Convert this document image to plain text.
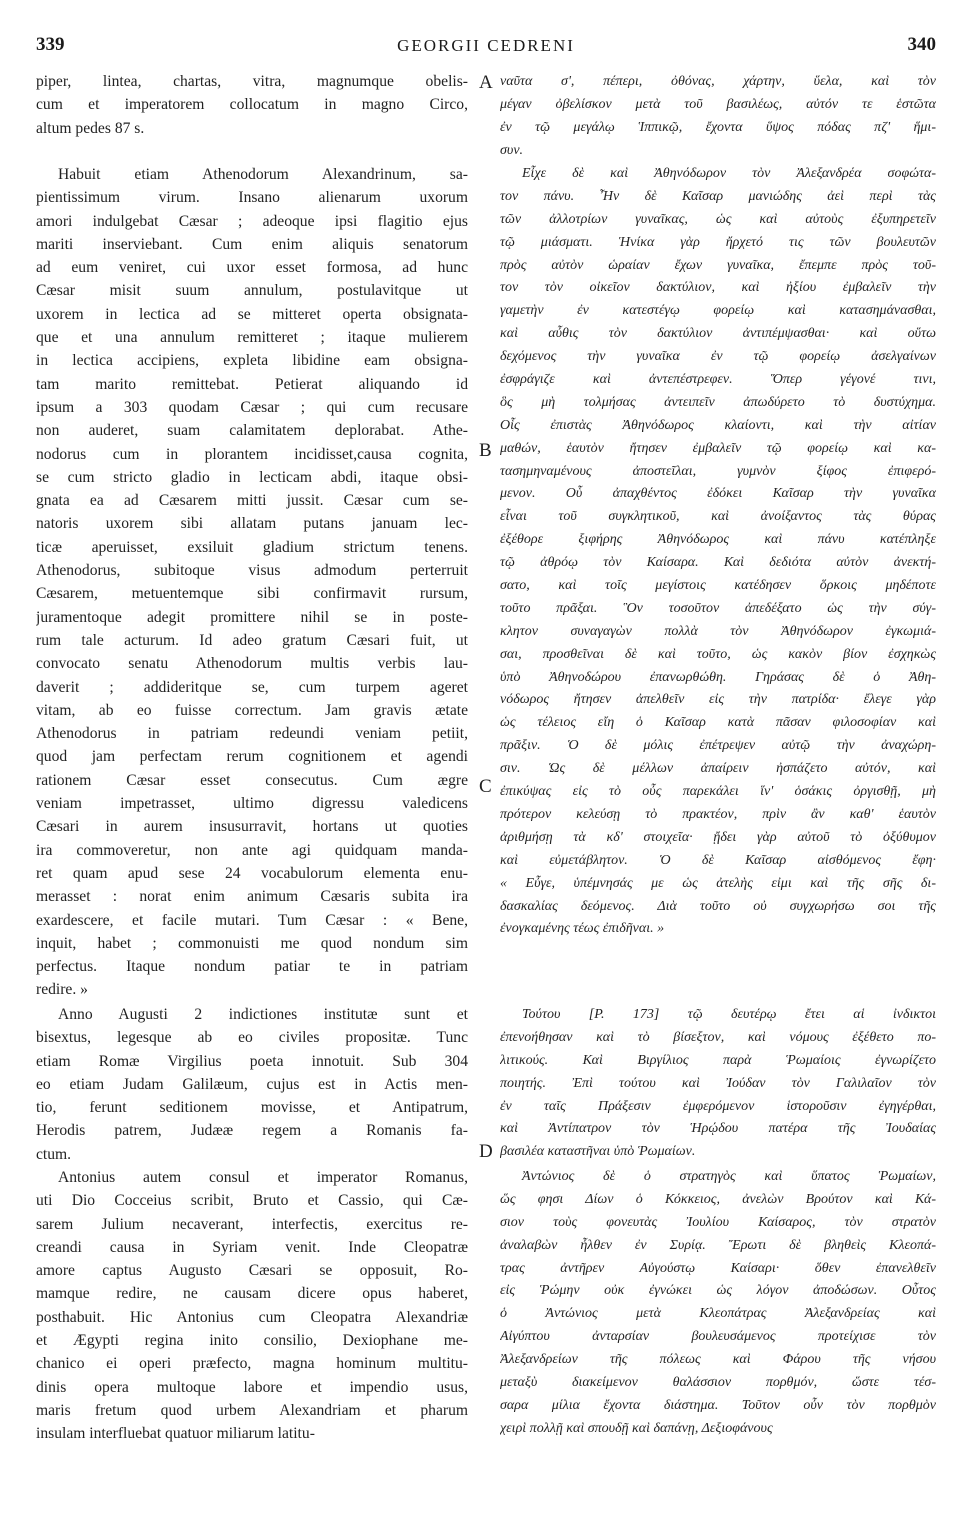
339	GEORGII CEDRENI	340
piper, lintea, chartas, vitra, magnumque obelis-
cum et imperatorem collocatum in magno Circo,
altum pedes 87 s.
Habuit etiam Athenodorum Alexandrinum, sa-
pientissimum virum. Insano alienarum uxorum
amori indulgebat Cæsar ; adeoque ipsi flagitio ejus
mariti inserviebant. Cum enim aliquis senatorum
ad eum veniret, cui uxor esset formosa, ad hunc
Cæsar misit suum annulum, postulavitque ut
uxorem in lectica ad se mitteret operta obsignata-
que et una annulum remitteret ; itaque mulierem
in lectica accipiens, expleta libidine eam obsigna-
tam marito remittebat. Petierat aliquando id
ipsum a 303 quodam Cæsar ; qui cum recusare
non auderet, suam calamitatem deplorabat. Athe-
nodorus cum in plorantem incidisset,causa cognita,
se cum stricto gladio in lecticam abdi, itaque obsi-
gnata ea ad Cæsarem mitti jussit. Cæsar cum se-
natoris uxorem sibi allatam putans januam lec-
ticæ aperuisset, exsiluit gladium strictum tenens.
Athenodorus, subitoque visus admodum perterruit
Cæsarem, metuentemque sibi confirmavit rursum,
juramentoque adegit promittere nihil se in poste-
rum tale acturum. Id adeo gratum Cæsari fuit, ut
convocato senatu Athenodorum multis verbis lau-
daverit ; addideritque se, cum turpem ageret
vitam, ab eo fuisse correctum. Jam gravis ætate
Athenodorus in patriam redeundi veniam petiit,
quod jam perfectam rerum cognitionem et agendi
rationem Cæsar esset consecutus. Cum ægre
veniam impetrasset, ultimo digressu valedicens
Cæsari in aurem insusurravit, hortans ut quoties
ira commoveretur, non ante agi quidquam manda-
ret quam apud sese 24 vocabulorum elementa enu-
merasset : norat enim animum Cæsaris subita ira
exardescere, et facile mutari. Tum Cæsar : « Bene,
inquit, habet ; commonuisti me quod nondum sim
perfectus. Itaque nondum patiar te in patriam
redire. »
Anno Augusti 2 indictiones institutæ sunt et
bisextus, legesque ab eo civiles propositæ. Tunc
etiam Romæ Virgilius poeta innotuit. Sub 304
eo etiam Judam Galilæum, cujus est in Actis men-
tio, ferunt seditionem movisse, et Antipatrum,
Herodis patrem, Judææ regem a Romanis fa-
ctum.
Antonius autem consul et imperator Romanus,
uti Dio Cocceius scribit, Bruto et Cassio, qui Cæ-
sarem Julium necaverant, interfectis, exercitus re-
creandi causa in Syriam venit. Inde Cleopatræ
amore captus Augusto Cæsari se opposuit, Ro-
mamque redire, ne causam dicere opus haberet,
posthabuit. Hic Antonius cum Cleopatra Alexandriæ
et Ægypti regina inito consilio, Dexiophane me-
chanico ei operi præfecto, magna hominum multitu-
dinis opera multoque labore et impendio usus,
maris fretum quod urbem Alexandriam et pharum
insulam interfluebat quatuor miliarum latitu-
A
B
C
D
ναῦτα σ', πέπερι, ὀθόνας, χάρτην, ὕελα, καὶ τὸν
μέγαν ὀβελίσκον μετὰ τοῦ βασιλέως, αὐτόν τε ἑστῶτα
ἐν τῷ μεγάλῳ Ἱππικῷ, ἔχοντα ὕψος πόδας πζ' ἥμι-
συν.
Εἶχε δὲ καὶ Ἀθηνόδωρον τὸν Ἀλεξανδρέα σοφώτα-
τον πάνυ. Ἦν δὲ Καῖσαρ μανιώδης ἀεὶ περὶ τὰς
τῶν ἀλλοτρίων γυναῖκας, ὡς καὶ αὐτοὺς ἐξυπηρετεῖν
τῷ μιάσματι. Ἡνίκα γὰρ ἤρχετό τις τῶν βουλευτῶν
πρὸς αὐτὸν ὡραίαν ἔχων γυναῖκα, ἔπεμπε πρὸς τοῦ-
τον τὸν οἰκεῖον δακτύλιον, καὶ ἠξίου ἐμβαλεῖν τὴν
γαμετὴν ἐν κατεστέγῳ φορείῳ καὶ κατασημάνασθαι,
καὶ αὖθις τὸν δακτύλιον ἀντιπέμψασθαι· καὶ οὕτω
δεχόμενος τὴν γυναῖκα ἐν τῷ φορείῳ ἀσελγαίνων
ἐσφράγιζε καὶ ἀντεπέστρεφεν. Ὅπερ γέγονέ τινι,
ὃς μὴ τολμήσας ἀντειπεῖν ἀπωδύρετο τὸ δυστύχημα.
Οἷς ἐπιστὰς Ἀθηνόδωρος κλαίοντι, καὶ τὴν αἰτίαν
μαθών, ἑαυτὸν ἤτησεν ἐμβαλεῖν τῷ φορείῳ καὶ κα-
τασημηναμένους ἀποστεῖλαι, γυμνὸν ξίφος ἐπιφερό-
μενον. Οὗ ἀπαχθέντος ἐδόκει Καῖσαρ τὴν γυναῖκα
εἶναι τοῦ συγκλητικοῦ, καὶ ἀνοίξαντος τὰς θύρας
ἐξέθορε ξιφήρης Ἀθηνόδωρος καὶ πάνυ κατέπληξε
τῷ ἀθρόῳ τὸν Καίσαρα. Καὶ δεδιότα αὐτὸν ἀνεκτή-
σατο, καὶ τοῖς μεγίστοις κατέδησεν ὅρκοις μηδέποτε
τοῦτο πρᾶξαι. Ὃν τοσοῦτον ἀπεδέξατο ὡς τὴν σύγ-
κλητον συναγαγὼν πολλὰ τὸν Ἀθηνόδωρον ἐγκωμιά-
σαι, προσθεῖναι δὲ καὶ τοῦτο, ὡς κακὸν βίον ἐσχηκὼς
ὑπὸ Ἀθηνοδώρου ἐπανωρθώθη. Γηράσας δὲ ὁ Ἀθη-
νόδωρος ἤτησεν ἀπελθεῖν εἰς τὴν πατρίδα· ἔλεγε γὰρ
ὡς τέλειος εἴη ὁ Καῖσαρ κατὰ πᾶσαν φιλοσοφίαν καὶ
πρᾶξιν. Ὁ δὲ μόλις ἐπέτρεψεν αὐτῷ τὴν ἀναχώρη-
σιν. Ὡς δὲ μέλλων ἀπαίρειν ἠσπάζετο αὐτόν, καὶ
ἐπικύψας εἰς τὸ οὖς παρεκάλει ἵν' ὁσάκις ὀργισθῇ, μὴ
πρότερον κελεύσῃ τὸ πρακτέον, πρὶν ἂν καθ' ἑαυτὸν
ἀριθμήσῃ τὰ κδ' στοιχεῖα· ᾔδει γὰρ αὐτοῦ τὸ ὀξύθυμον
καὶ εὐμετάβλητον. Ὁ δὲ Καῖσαρ αἰσθόμενος ἔφη·
« Εὖγε, ὑπέμνησάς με ὡς ἀτελὴς εἰμι καὶ τῆς σῆς δι-
δασκαλίας δεόμενος. Διὰ τοῦτο οὐ συγχωρήσω σοι τῆς
ἐνογκαμένης τέως ἐπιδῆναι. »
Τούτου [P. 173] τῷ δευτέρῳ ἔτει αἱ ἰνδικτοι
ἐπενοήθησαν καὶ τὸ βίσεξτον, καὶ νόμους ἐξέθετο πο-
λιτικούς. Καὶ Βιργίλιος παρὰ Ῥωμαίοις ἐγνωρίζετο
ποιητής. Ἐπὶ τούτου καὶ Ἰούδαν τὸν Γαλιλαῖον τὸν
ἐν ταῖς Πράξεσιν ἐμφερόμενον ἱστοροῦσιν ἐγηγέρθαι,
καὶ Ἀντίπατρον τὸν Ἡρῴδου πατέρα τῆς Ἰουδαίας
βασιλέα καταστῆναι ὑπὸ Ῥωμαίων.
Ἀντώνιος δὲ ὁ στρατηγὸς καὶ ὕπατος Ῥωμαίων,
ὥς φησι Δίων ὁ Κόκκειος, ἀνελὼν Βρούτον καὶ Κά-
σιον τοὺς φονευτὰς Ἰουλίου Καίσαρος, τὸν στρατὸν
ἀναλαβὼν ἦλθεν ἐν Συρίᾳ. Ἔρωτι δὲ βληθεὶς Κλεοπά-
τρας ἀντῆρεν Αὐγούστῳ Καίσαρι· ὅθεν ἐπανελθεῖν
εἰς Ῥώμην οὐκ ἐγνώκει ὡς λόγον ἀποδώσων. Οὗτος
ὁ Ἀντώνιος μετὰ Κλεοπάτρας Ἀλεξανδρείας καὶ
Αἰγύπτου ἀνταρσίαν βουλευσάμενος προτείχισε τὸν
Ἀλεξανδρείων τῆς πόλεως καὶ Φάρου τῆς νήσου
μεταξὺ διακείμενον θαλάσσιον πορθμόν, ὥστε τέσ-
σαρα μίλια ἔχοντα διάστημα. Τοῦτον οὖν τὸν πορθμὸν
χειρὶ πολλῇ καὶ σπουδῇ καὶ δαπάνῃ, Δεξιοφάνους
